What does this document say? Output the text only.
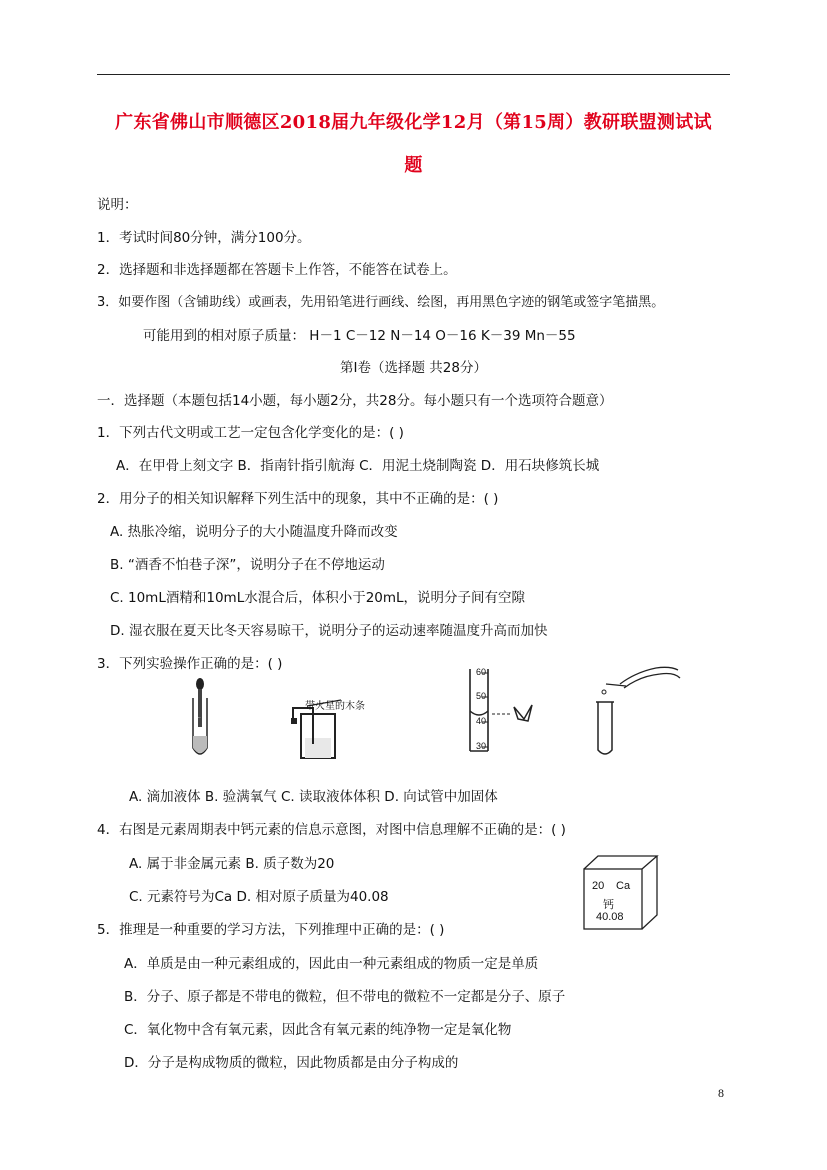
广东省佛山市顺德区2018届九年级化学12月（第15周）教研联盟测试试
题
说明：
1．考试时间80分钟，满分100分。
2．选择题和非选择题都在答题卡上作答，不能答在试卷上。
3．如要作图（含铺助线）或画表，先用铅笔进行画线、绘图，再用黑色字迹的钢笔或签字笔描黑。
可能用到的相对原子质量： H－1 C－12 N－14 O－16 K－39 Mn－55
第Ⅰ卷（选择题 共28分）
一．选择题（本题包括14小题，每小题2分，共28分。每小题只有一个选项符合题意）
1．下列古代文明或工艺一定包含化学变化的是：( )
A．在甲骨上刻文字 B．指南针指引航海 C．用泥土烧制陶瓷 D．用石块修筑长城
2．用分子的相关知识解释下列生活中的现象，其中不正确的是：( )
A. 热胀冷缩，说明分子的大小随温度升降而改变
B. “酒香不怕巷子深”，说明分子在不停地运动
C. 10mL酒精和10mL水混合后，体积小于20mL，说明分子间有空隙
D. 湿衣服在夏天比冬天容易晾干，说明分子的运动速率随温度升高而加快
3．下列实验操作正确的是：( )
...
带火星的木条
60
50
40
30
A. 滴加液体 B. 验满氧气 C. 读取液体体积 D. 向试管中加固体
4．右图是元素周期表中钙元素的信息示意图，对图中信息理解不正确的是：( )
A. 属于非金属元素 B. 质子数为20
C. 元素符号为Ca D. 相对原子质量为40.08
20 Ca
钙
40.08
5．推理是一种重要的学习方法，下列推理中正确的是：( )
A．单质是由一种元素组成的，因此由一种元素组成的物质一定是单质
B．分子、原子都是不带电的微粒，但不带电的微粒不一定都是分子、原子
C．氧化物中含有氧元素，因此含有氧元素的纯净物一定是氧化物
D．分子是构成物质的微粒，因此物质都是由分子构成的
8
